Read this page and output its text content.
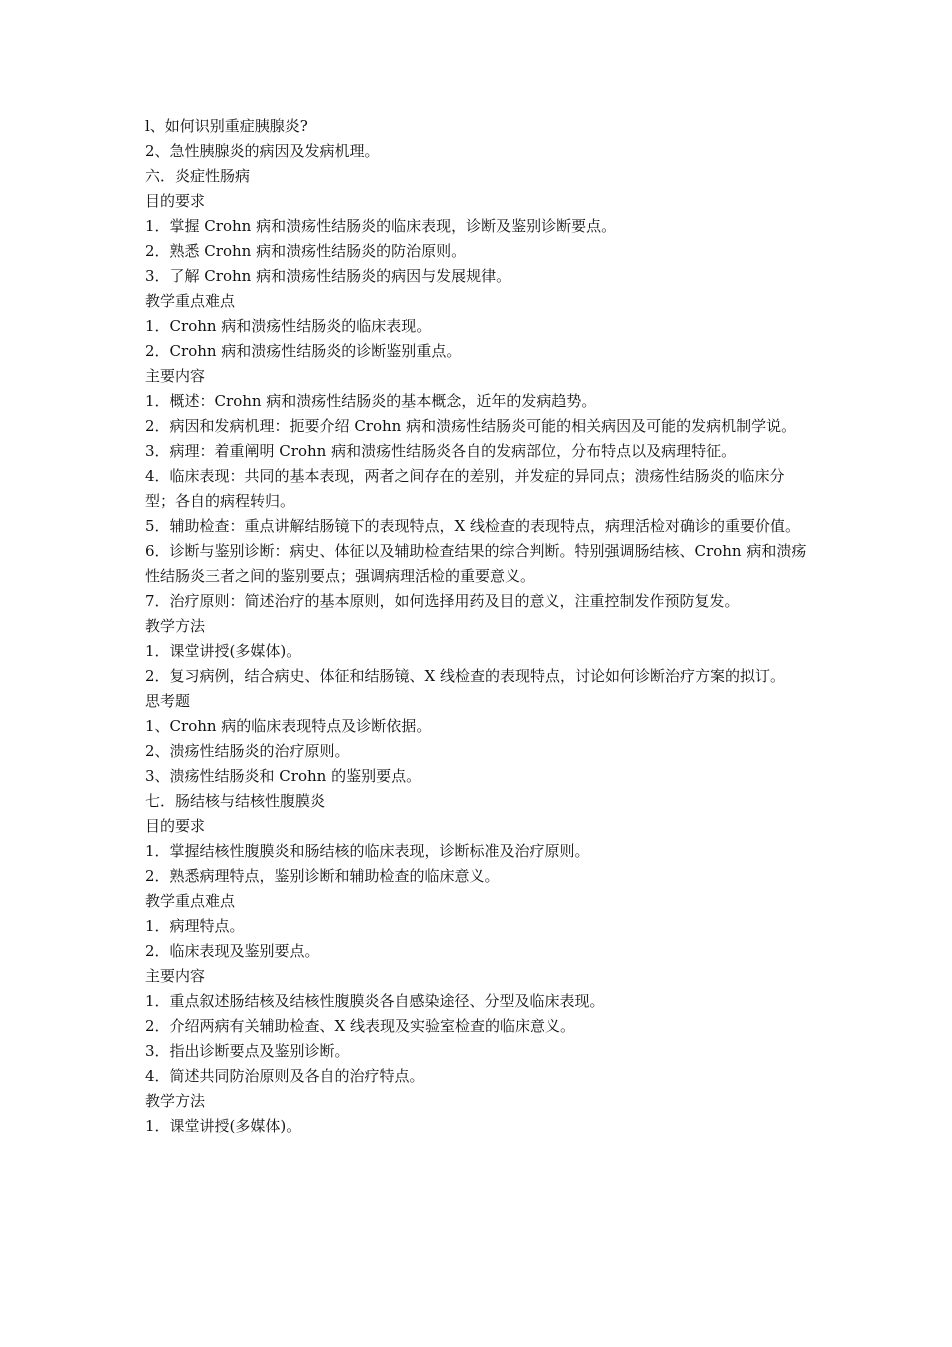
l、如何识别重症胰腺炎?
2、急性胰腺炎的病因及发病机理。
六．炎症性肠病
目的要求
1．掌握 Crohn 病和溃疡性结肠炎的临床表现，诊断及鉴别诊断要点。
2．熟悉 Crohn 病和溃疡性结肠炎的防治原则。
3．了解 Crohn 病和溃疡性结肠炎的病因与发展规律。
教学重点难点
1．Crohn 病和溃疡性结肠炎的临床表现。
2．Crohn 病和溃疡性结肠炎的诊断鉴别重点。
主要内容
1．概述：Crohn 病和溃疡性结肠炎的基本概念，近年的发病趋势。
2．病因和发病机理：扼要介绍 Crohn 病和溃疡性结肠炎可能的相关病因及可能的发病机制学说。
3．病理：着重阐明 Crohn 病和溃疡性结肠炎各自的发病部位，分布特点以及病理特征。
4．临床表现：共同的基本表现，两者之间存在的差别，并发症的异同点；溃疡性结肠炎的临床分型；各自的病程转归。
5．辅助检查：重点讲解结肠镜下的表现特点，X 线检查的表现特点，病理活检对确诊的重要价值。
6．诊断与鉴别诊断：病史、体征以及辅助检查结果的综合判断。特别强调肠结核、Crohn 病和溃疡性结肠炎三者之间的鉴别要点；强调病理活检的重要意义。
7．治疗原则：简述治疗的基本原则，如何选择用药及目的意义，注重控制发作预防复发。
教学方法
1．课堂讲授(多媒体)。
2．复习病例，结合病史、体征和结肠镜、X 线检查的表现特点，讨论如何诊断治疗方案的拟订。
思考题
1、Crohn 病的临床表现特点及诊断依据。
2、溃疡性结肠炎的治疗原则。
3、溃疡性结肠炎和 Crohn 的鉴别要点。
七．肠结核与结核性腹膜炎
目的要求
1．掌握结核性腹膜炎和肠结核的临床表现，诊断标准及治疗原则。
2．熟悉病理特点，鉴别诊断和辅助检查的临床意义。
教学重点难点
1．病理特点。
2．临床表现及鉴别要点。
主要内容
1．重点叙述肠结核及结核性腹膜炎各自感染途径、分型及临床表现。
2．介绍两病有关辅助检查、X 线表现及实验室检查的临床意义。
3．指出诊断要点及鉴别诊断。
4．简述共同防治原则及各自的治疗特点。
教学方法
1．课堂讲授(多媒体)。
